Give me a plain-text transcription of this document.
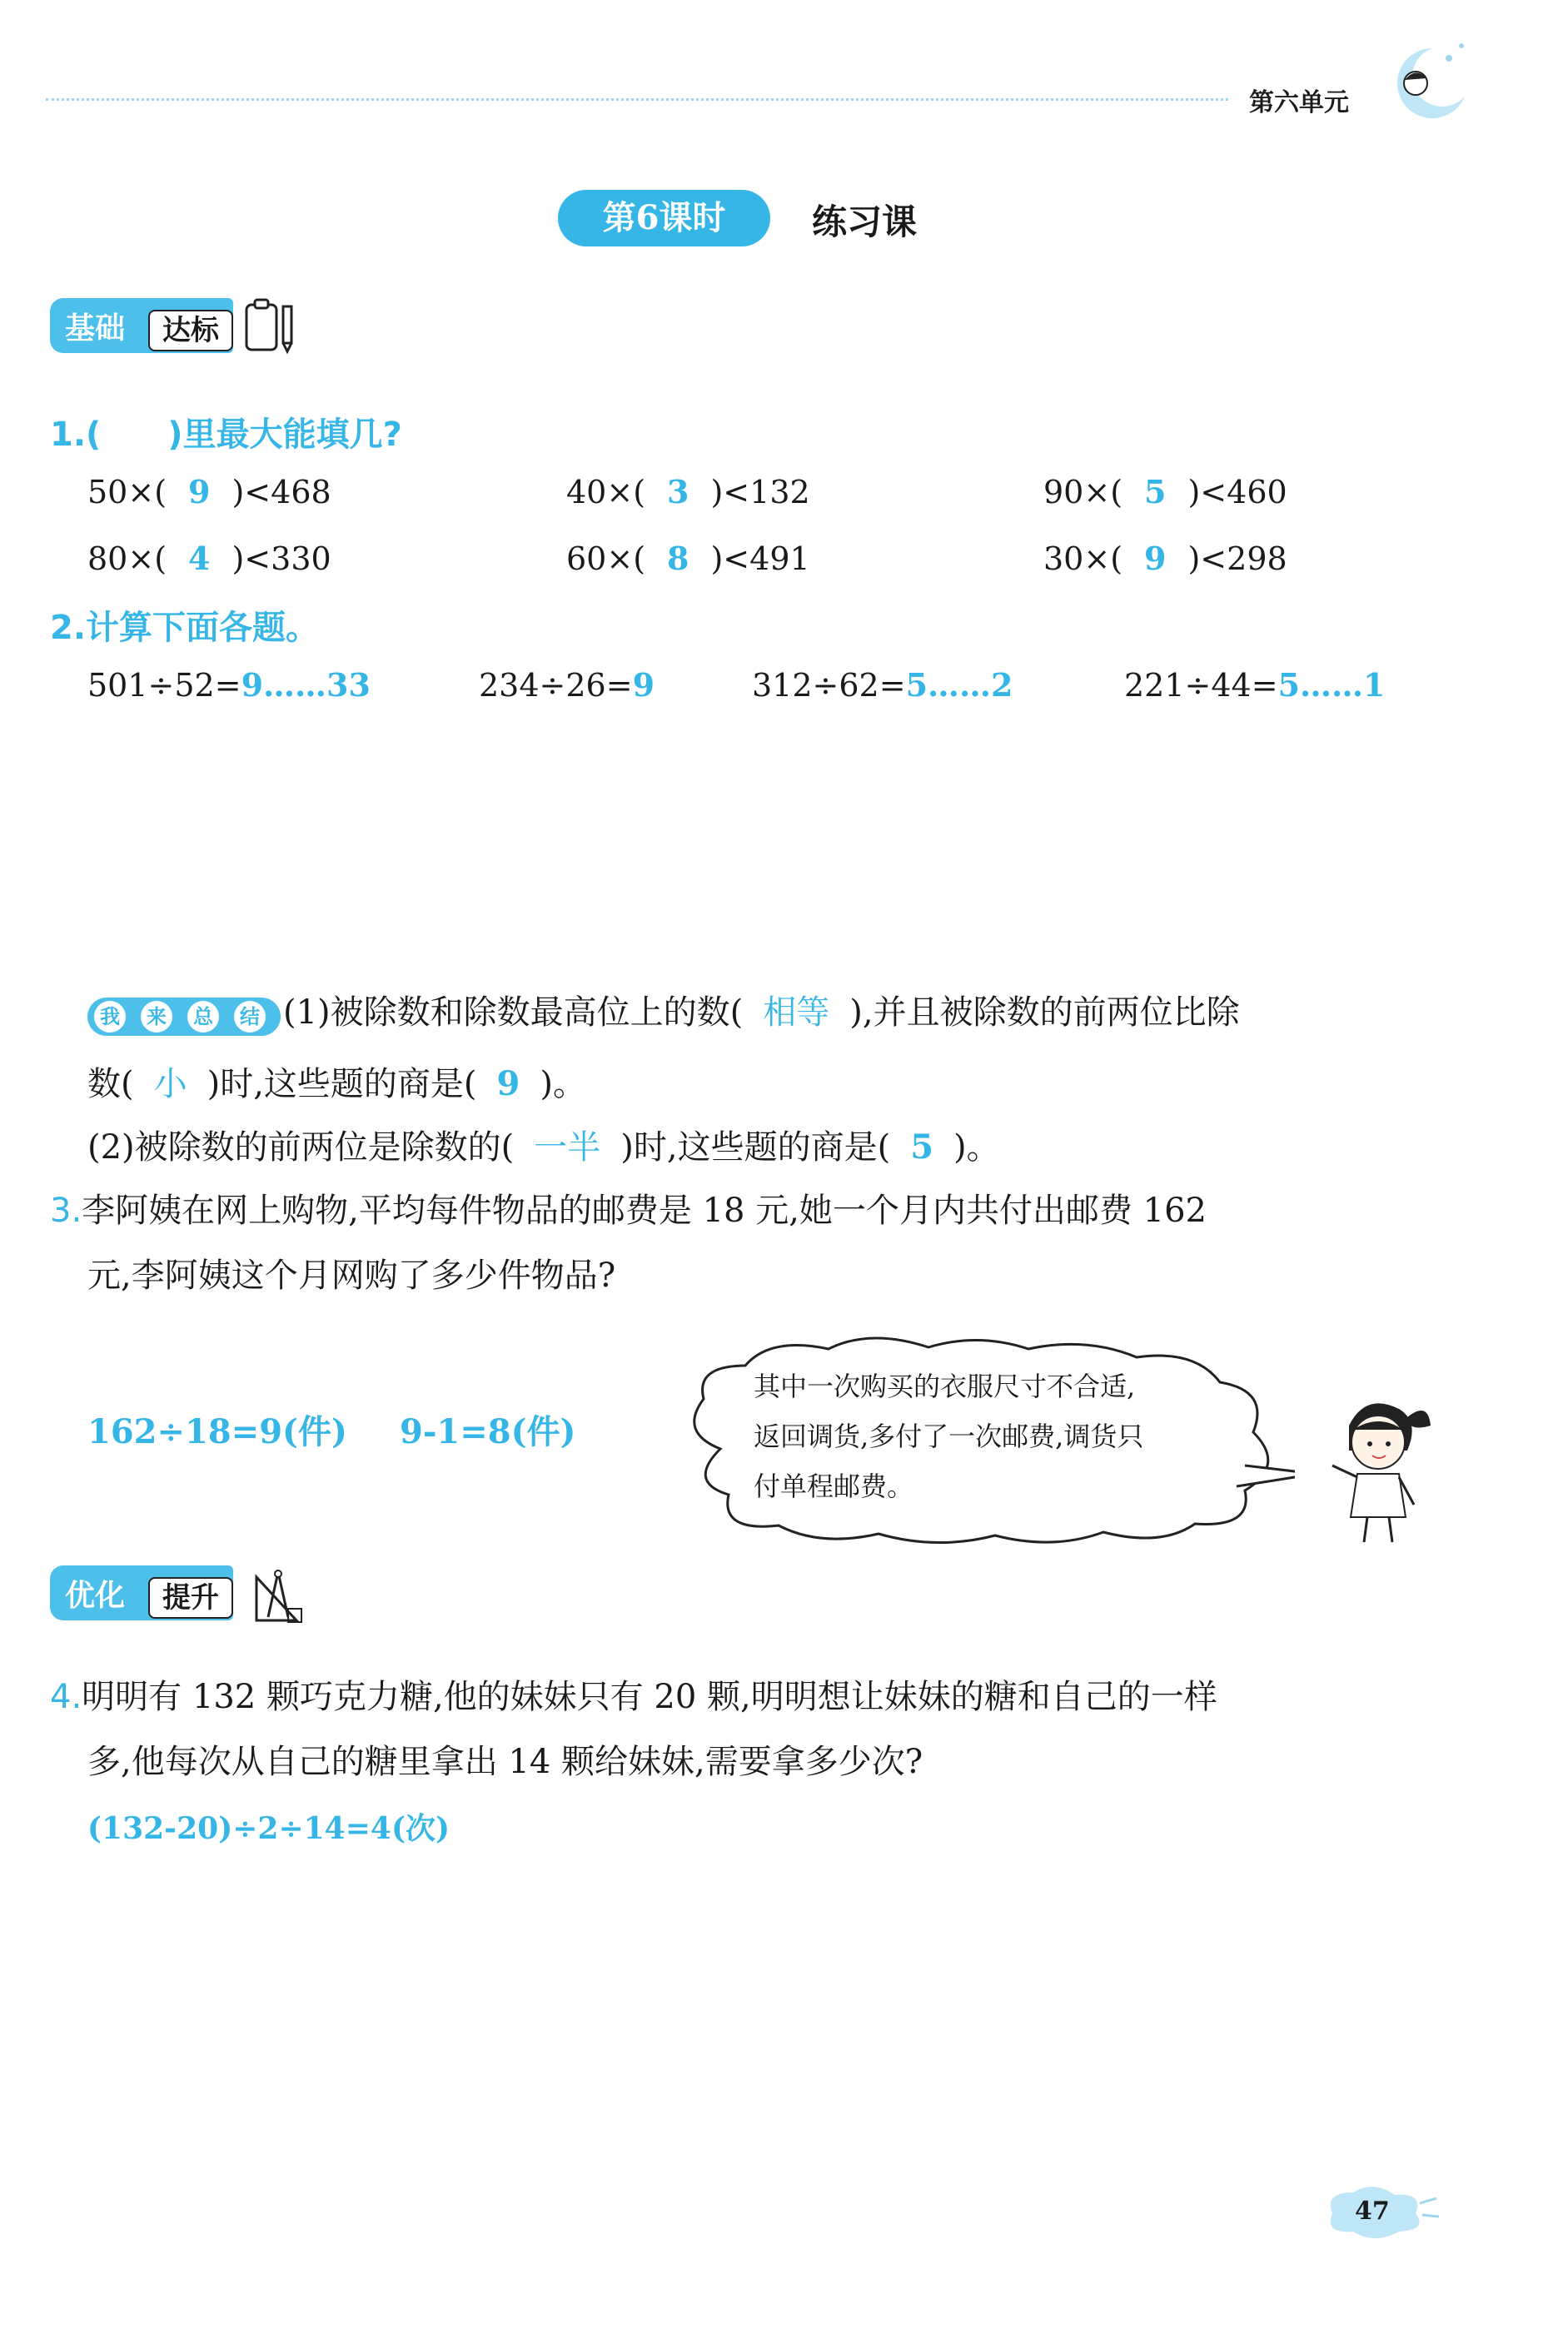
第六单元
第6课时	练习课
基础	达标
1.(　　)里最大能填几?
50×( 9 )<468	40×( 3 )<132	90×( 5 )<460
80×( 4 )<330	60×( 8 )<491	30×( 9 )<298
2.计算下面各题。
501÷52=9……33	234÷26=9	312÷62=5……2	221÷44=5……1
我 来 总 结 (1)被除数和除数最高位上的数( 相等 ),并且被除数的前两位比除
数( 小 )时,这些题的商是( 9 )。
(2)被除数的前两位是除数的( 一半 )时,这些题的商是( 5 )。
3.李阿姨在网上购物,平均每件物品的邮费是 18 元,她一个月内共付出邮费 162
元,李阿姨这个月网购了多少件物品?
162÷18=9(件) 9-1=8(件)
其中一次购买的衣服尺寸不合适,
返回调货,多付了一次邮费,调货只
付单程邮费。
优化	提升
4.明明有 132 颗巧克力糖,他的妹妹只有 20 颗,明明想让妹妹的糖和自己的一样
多,他每次从自己的糖里拿出 14 颗给妹妹,需要拿多少次?
(132-20)÷2÷14=4(次)
47
